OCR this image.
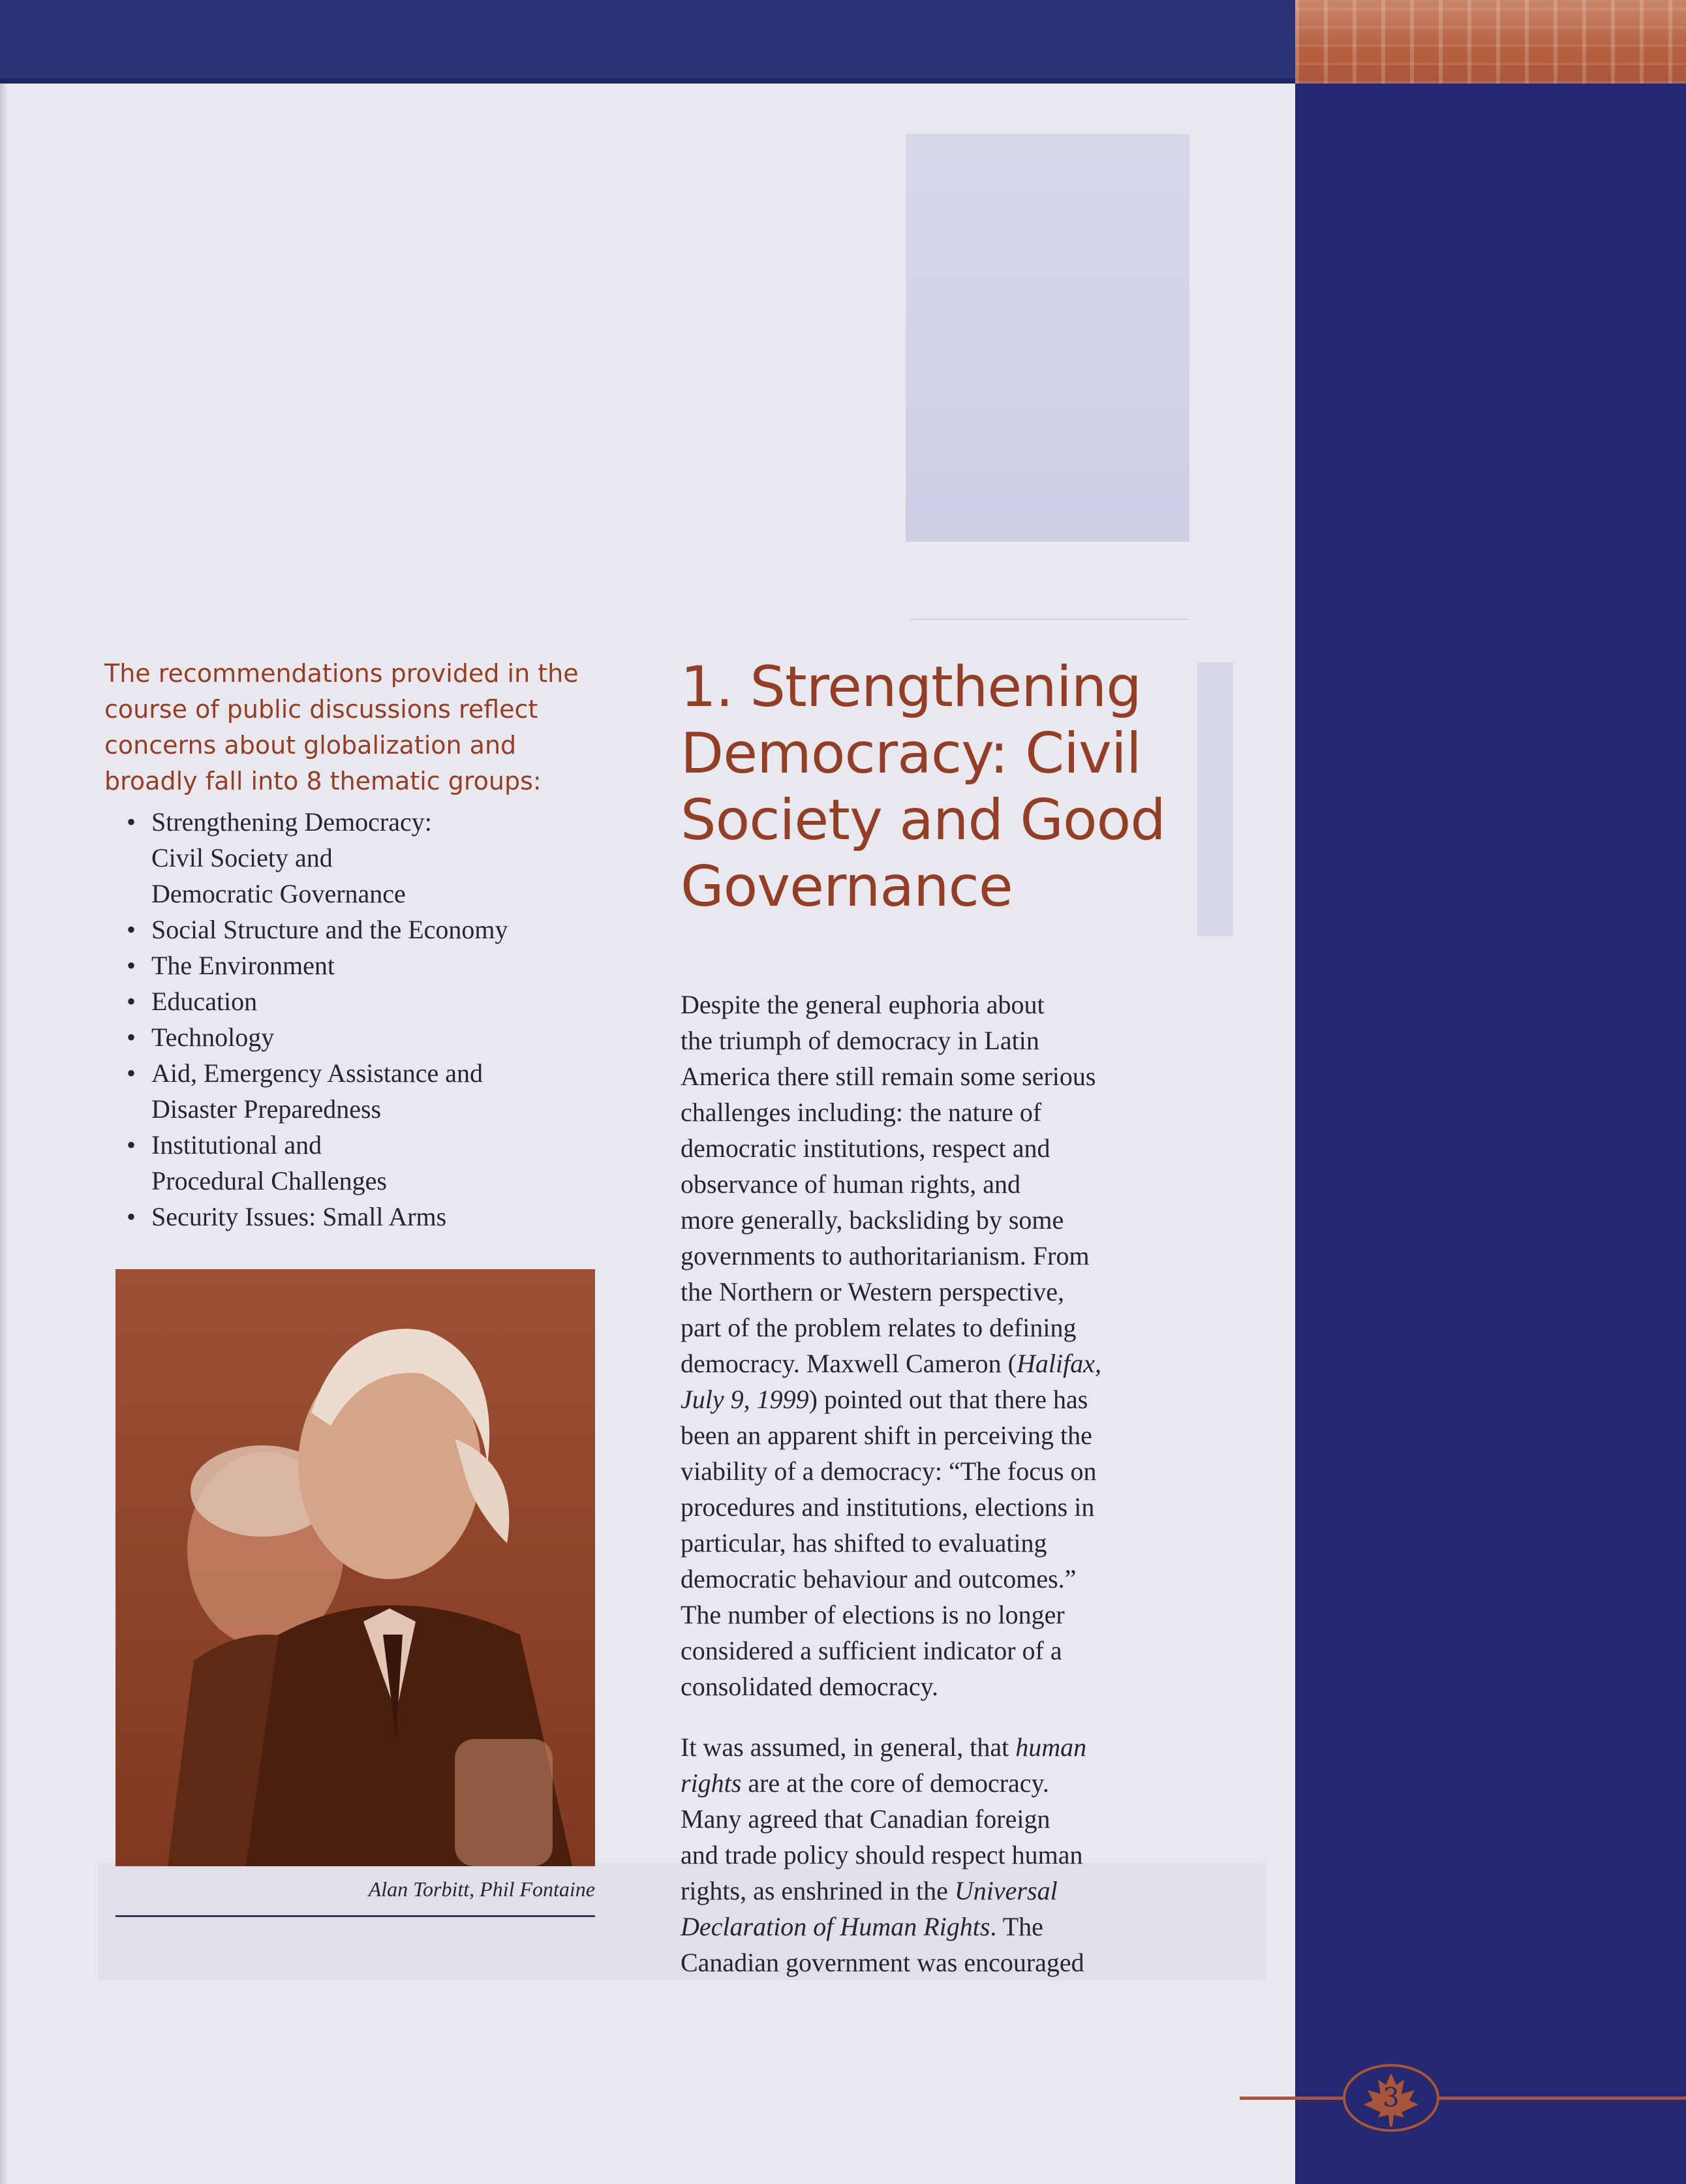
The recommendations provided in the course of public discussions reflect concerns about globalization and broadly fall into 8 thematic groups:

• Strengthening Democracy:
Civil Society and
Democratic Governance
• Social Structure and the Economy
• The Environment
• Education
• Technology
• Aid, Emergency Assistance and
Disaster Preparedness
• Institutional and
Procedural Challenges
• Security Issues: Small Arms
Alan Torbitt, Phil Fontaine
1. Strengthening
Democracy: Civil
Society and Good
Governance

Despite the general euphoria about
the triumph of democracy in Latin
America there still remain some serious
challenges including: the nature of
democratic institutions, respect and
observance of human rights, and
more generally, backsliding by some
governments to authoritarianism. From
the Northern or Western perspective,
part of the problem relates to defining
democracy. Maxwell Cameron (Halifax,
July 9, 1999) pointed out that there has
been an apparent shift in perceiving the
viability of a democracy: “The focus on
procedures and institutions, elections in
particular, has shifted to evaluating
democratic behaviour and outcomes.”
The number of elections is no longer
considered a sufficient indicator of a
consolidated democracy.

It was assumed, in general, that human
rights are at the core of democracy.
Many agreed that Canadian foreign
and trade policy should respect human
rights, as enshrined in the Universal
Declaration of Human Rights. The
Canadian government was encouraged

3
